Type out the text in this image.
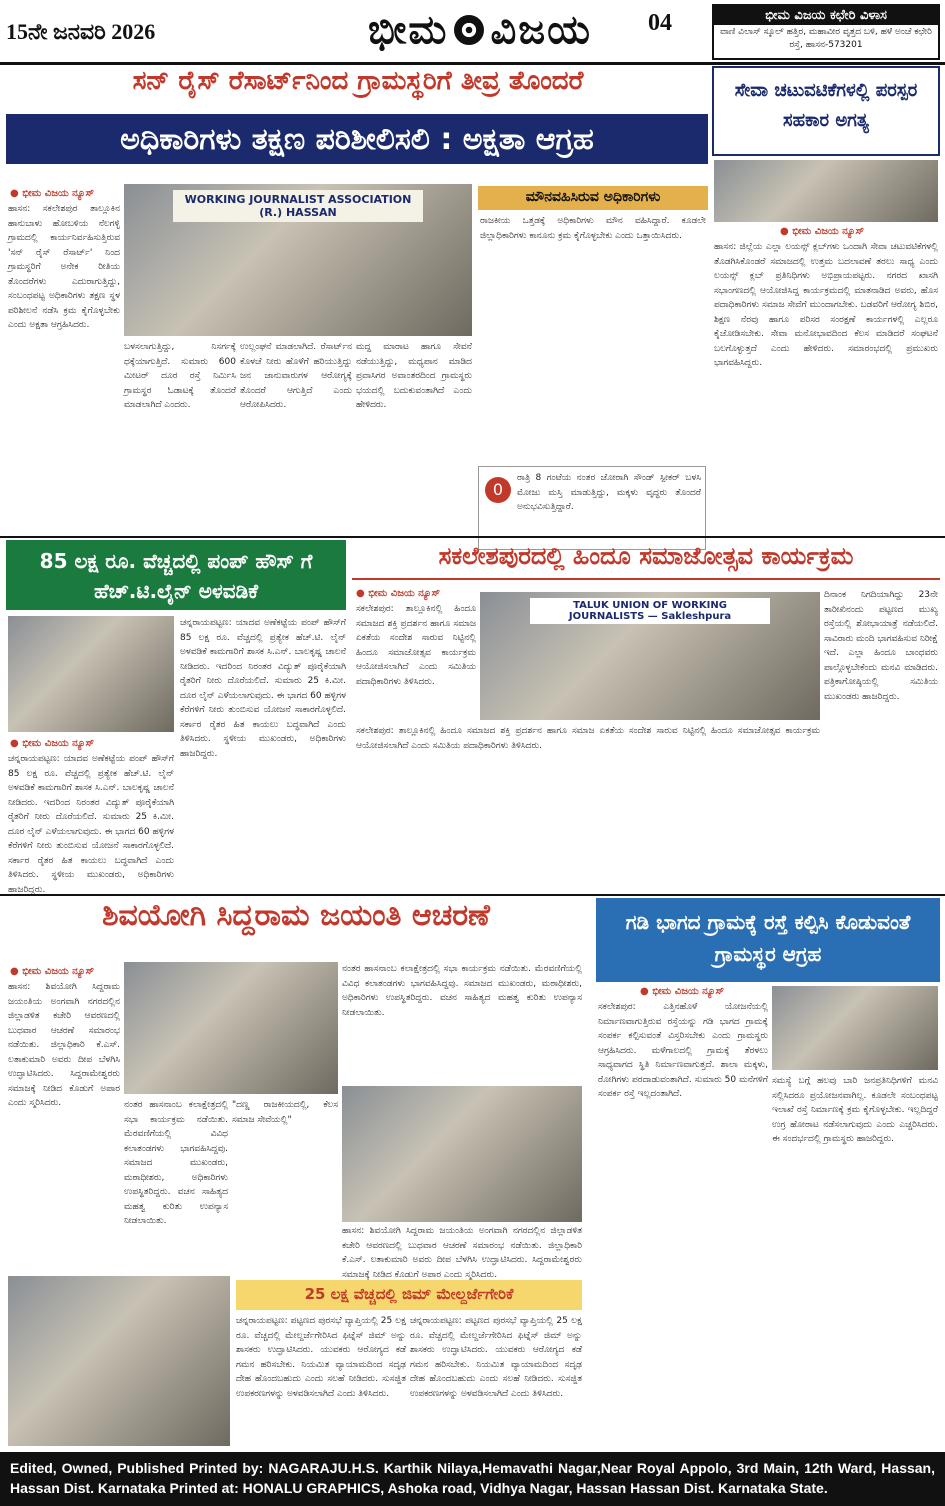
15ನೇ ಜನವರಿ 2026	ಭೀಮ ವಿಜಯ 04	ಭೀಮ ವಿಜಯ ಕಛೇರಿ ವಿಳಾಸ
ವಾಣಿ ವಿಲಾಸ್ ಸ್ಕೂಲ್ ಹತ್ತಿರ, ಮಹಾವೀರ ವೃತ್ತದ ಬಳಿ, ಹಳೆ ಅಂಚೆ ಕಛೇರಿ ರಸ್ತೆ, ಹಾಸನ-573201
ಸನ್ ರೈಸ್ ರೆಸಾರ್ಟ್‌ನಿಂದ ಗ್ರಾಮಸ್ಥರಿಗೆ ತೀವ್ರ ತೊಂದರೆ
ಅಧಿಕಾರಿಗಳು ತಕ್ಷಣ ಪರಿಶೀಲಿಸಲಿ : ಅಕ್ಷತಾ ಆಗ್ರಹ
● ಭೀಮ ವಿಜಯ ನ್ಯೂಸ್
ಹಾಸನ: ಸಕಲೇಶಪುರ ತಾಲ್ಲೂಕಿನ ಹಾನುಬಾಳು ಹೋಬಳಿಯ ನೆಲಗಳ್ಳಿ ಗ್ರಾಮದಲ್ಲಿ ಕಾರ್ಯನಿರ್ವಹಿಸುತ್ತಿರುವ 'ಸನ್ ರೈಸ್ ರೆಸಾರ್ಟ್' ನಿಂದ ಗ್ರಾಮಸ್ಥರಿಗೆ ಅನೇಕ ರೀತಿಯ ತೊಂದರೆಗಳು ಎದುರಾಗುತ್ತಿದ್ದು, ಸಂಬಂಧಪಟ್ಟ ಅಧಿಕಾರಿಗಳು ತಕ್ಷಣ ಸ್ಥಳ ಪರಿಶೀಲನೆ ನಡೆಸಿ ಕ್ರಮ ಕೈಗೊಳ್ಳಬೇಕು ಎಂದು ಅಕ್ಷತಾ ಆಗ್ರಹಿಸಿದರು.
WORKING JOURNALIST ASSOCIATION (R.) HASSAN
ಬಳಸಲಾಗುತ್ತಿದ್ದು, ನಿಸರ್ಗಕ್ಕೆ ಧಕ್ಕೆಯಾಗುತ್ತಿದೆ. ಸುಮಾರು 600 ಮೀಟರ್ ದೂರ ರಸ್ತೆ ನಿರ್ಮಿಸಿ ಗ್ರಾಮಸ್ಥರ ಓಡಾಟಕ್ಕೆ ತೊಂದರೆ ಮಾಡಲಾಗಿದೆ ಎಂದರು.
ಉಲ್ಲಂಘನೆ ಮಾಡಲಾಗಿದೆ. ರೆಸಾರ್ಟ್‌ನ ಕೊಳಚೆ ನೀರು ಹೊಳೆಗೆ ಹರಿಯುತ್ತಿದ್ದು ಜನ ಜಾನುವಾರುಗಳ ಆರೋಗ್ಯಕ್ಕೆ ತೊಂದರೆ ಆಗುತ್ತಿದೆ ಎಂದು ಆರೋಪಿಸಿದರು.
ಮದ್ದ ಮಾರಾಟ ಹಾಗೂ ಸೇವನೆ ನಡೆಯುತ್ತಿದ್ದು, ಮಧ್ಯಪಾನ ಮಾಡಿದ ಪ್ರವಾಸಿಗರ ಅವಾಂತರದಿಂದ ಗ್ರಾಮಸ್ಥರು ಭಯದಲ್ಲಿ ಬದುಕುವಂತಾಗಿದೆ ಎಂದು ಹೇಳಿದರು.
ಮೌನವಹಿಸಿರುವ ಅಧಿಕಾರಿಗಳು
ರಾಜಕೀಯ ಒತ್ತಡಕ್ಕೆ ಅಧಿಕಾರಿಗಳು ಮೌನ ವಹಿಸಿದ್ದಾರೆ. ಕೂಡಲೇ ಜಿಲ್ಲಾಧಿಕಾರಿಗಳು ಕಾನೂನು ಕ್ರಮ ಕೈಗೊಳ್ಳಬೇಕು ಎಂದು ಒತ್ತಾಯಿಸಿದರು.
0
ರಾತ್ರಿ 8 ಗಂಟೆಯ ನಂತರ ಜೋರಾಗಿ ಸೌಂಡ್ ಸ್ಪೀಕರ್ ಬಳಸಿ ಮೋಜು ಮಸ್ತಿ ಮಾಡುತ್ತಿದ್ದು, ಮಕ್ಕಳು ವೃದ್ಧರು ತೊಂದರೆ ಅನುಭವಿಸುತ್ತಿದ್ದಾರೆ.
ಸೇವಾ ಚಟುವಟಿಕೆಗಳಲ್ಲಿ ಪರಸ್ಪರ ಸಹಕಾರ ಅಗತ್ಯ
● ಭೀಮ ವಿಜಯ ನ್ಯೂಸ್
ಹಾಸನ: ಜಿಲ್ಲೆಯ ಎಲ್ಲಾ ಲಯನ್ಸ್ ಕ್ಲಬ್‌ಗಳು ಒಂದಾಗಿ ಸೇವಾ ಚಟುವಟಿಕೆಗಳಲ್ಲಿ ತೊಡಗಿಸಿಕೊಂಡರೆ ಸಮಾಜದಲ್ಲಿ ಉತ್ತಮ ಬದಲಾವಣೆ ತರಲು ಸಾಧ್ಯ ಎಂದು ಲಯನ್ಸ್ ಕ್ಲಬ್ ಪ್ರತಿನಿಧಿಗಳು ಅಭಿಪ್ರಾಯಪಟ್ಟರು. ನಗರದ ಖಾಸಗಿ ಸಭಾಂಗಣದಲ್ಲಿ ಆಯೋಜಿಸಿದ್ದ ಕಾರ್ಯಕ್ರಮದಲ್ಲಿ ಮಾತನಾಡಿದ ಅವರು, ಹೊಸ ಪದಾಧಿಕಾರಿಗಳು ಸಮಾಜ ಸೇವೆಗೆ ಮುಂದಾಗಬೇಕು. ಬಡವರಿಗೆ ಆರೋಗ್ಯ ಶಿಬಿರ, ಶಿಕ್ಷಣ ನೆರವು ಹಾಗೂ ಪರಿಸರ ಸಂರಕ್ಷಣೆ ಕಾರ್ಯಗಳಲ್ಲಿ ಎಲ್ಲರೂ ಕೈಜೋಡಿಸಬೇಕು. ಸೇವಾ ಮನೋಭಾವದಿಂದ ಕೆಲಸ ಮಾಡಿದರೆ ಸಂಘಟನೆ ಬಲಗೊಳ್ಳುತ್ತದೆ ಎಂದು ಹೇಳಿದರು. ಸಮಾರಂಭದಲ್ಲಿ ಪ್ರಮುಖರು ಭಾಗವಹಿಸಿದ್ದರು.
85 ಲಕ್ಷ ರೂ. ವೆಚ್ಚದಲ್ಲಿ ಪಂಪ್ ಹೌಸ್ ಗೆ ಹೆಚ್.ಟಿ.ಲೈನ್ ಅಳವಡಿಕೆ
● ಭೀಮ ವಿಜಯ ನ್ಯೂಸ್
ಚನ್ನರಾಯಪಟ್ಟಣ: ಯಾದವ ಅಣೆಕಟ್ಟೆಯ ಪಂಪ್ ಹೌಸ್‌ಗೆ 85 ಲಕ್ಷ ರೂ. ವೆಚ್ಚದಲ್ಲಿ ಪ್ರತ್ಯೇಕ ಹೆಚ್.ಟಿ. ಲೈನ್ ಅಳವಡಿಕೆ ಕಾಮಗಾರಿಗೆ ಶಾಸಕ ಸಿ.ಎನ್. ಬಾಲಕೃಷ್ಣ ಚಾಲನೆ ನೀಡಿದರು. ಇದರಿಂದ ನಿರಂತರ ವಿದ್ಯುತ್ ಪೂರೈಕೆಯಾಗಿ ರೈತರಿಗೆ ನೀರು ದೊರೆಯಲಿದೆ. ಸುಮಾರು 25 ಕಿ.ಮೀ. ದೂರ ಲೈನ್ ಎಳೆಯಲಾಗುವುದು. ಈ ಭಾಗದ 60 ಹಳ್ಳಿಗಳ ಕೆರೆಗಳಿಗೆ ನೀರು ತುಂಬಿಸುವ ಯೋಜನೆ ಸಾಕಾರಗೊಳ್ಳಲಿದೆ. ಸರ್ಕಾರ ರೈತರ ಹಿತ ಕಾಯಲು ಬದ್ಧವಾಗಿದೆ ಎಂದು ತಿಳಿಸಿದರು. ಸ್ಥಳೀಯ ಮುಖಂಡರು, ಅಧಿಕಾರಿಗಳು ಹಾಜರಿದ್ದರು.
ಚನ್ನರಾಯಪಟ್ಟಣ: ಯಾದವ ಅಣೆಕಟ್ಟೆಯ ಪಂಪ್ ಹೌಸ್‌ಗೆ 85 ಲಕ್ಷ ರೂ. ವೆಚ್ಚದಲ್ಲಿ ಪ್ರತ್ಯೇಕ ಹೆಚ್.ಟಿ. ಲೈನ್ ಅಳವಡಿಕೆ ಕಾಮಗಾರಿಗೆ ಶಾಸಕ ಸಿ.ಎನ್. ಬಾಲಕೃಷ್ಣ ಚಾಲನೆ ನೀಡಿದರು. ಇದರಿಂದ ನಿರಂತರ ವಿದ್ಯುತ್ ಪೂರೈಕೆಯಾಗಿ ರೈತರಿಗೆ ನೀರು ದೊರೆಯಲಿದೆ. ಸುಮಾರು 25 ಕಿ.ಮೀ. ದೂರ ಲೈನ್ ಎಳೆಯಲಾಗುವುದು. ಈ ಭಾಗದ 60 ಹಳ್ಳಿಗಳ ಕೆರೆಗಳಿಗೆ ನೀರು ತುಂಬಿಸುವ ಯೋಜನೆ ಸಾಕಾರಗೊಳ್ಳಲಿದೆ. ಸರ್ಕಾರ ರೈತರ ಹಿತ ಕಾಯಲು ಬದ್ಧವಾಗಿದೆ ಎಂದು ತಿಳಿಸಿದರು. ಸ್ಥಳೀಯ ಮುಖಂಡರು, ಅಧಿಕಾರಿಗಳು ಹಾಜರಿದ್ದರು.
ಸಕಲೇಶಪುರದಲ್ಲಿ ಹಿಂದೂ ಸಮಾಜೋತ್ಸವ ಕಾರ್ಯಕ್ರಮ
● ಭೀಮ ವಿಜಯ ನ್ಯೂಸ್
ಸಕಲೇಶಪುರ: ತಾಲ್ಲೂಕಿನಲ್ಲಿ ಹಿಂದೂ ಸಮಾಜದ ಶಕ್ತಿ ಪ್ರದರ್ಶನ ಹಾಗೂ ಸಮಾಜ ಏಕತೆಯ ಸಂದೇಶ ಸಾರುವ ನಿಟ್ಟಿನಲ್ಲಿ ಹಿಂದೂ ಸಮಾಜೋತ್ಸವ ಕಾರ್ಯಕ್ರಮ ಆಯೋಜಿಸಲಾಗಿದೆ ಎಂದು ಸಮಿತಿಯ ಪದಾಧಿಕಾರಿಗಳು ತಿಳಿಸಿದರು.
TALUK UNION OF WORKING JOURNALISTS — Sakleshpura
ದಿನಾಂಕ ನಿಗದಿಯಾಗಿದ್ದು 23ನೇ ತಾರೀಖಿನಂದು ಪಟ್ಟಣದ ಮುಖ್ಯ ರಸ್ತೆಯಲ್ಲಿ ಶೋಭಾಯಾತ್ರೆ ನಡೆಯಲಿದೆ. ಸಾವಿರಾರು ಮಂದಿ ಭಾಗವಹಿಸುವ ನಿರೀಕ್ಷೆ ಇದೆ. ಎಲ್ಲಾ ಹಿಂದೂ ಬಾಂಧವರು ಪಾಲ್ಗೊಳ್ಳಬೇಕೆಂದು ಮನವಿ ಮಾಡಿದರು. ಪತ್ರಿಕಾಗೋಷ್ಠಿಯಲ್ಲಿ ಸಮಿತಿಯ ಮುಖಂಡರು ಹಾಜರಿದ್ದರು.
ಸಕಲೇಶಪುರ: ತಾಲ್ಲೂಕಿನಲ್ಲಿ ಹಿಂದೂ ಸಮಾಜದ ಶಕ್ತಿ ಪ್ರದರ್ಶನ ಹಾಗೂ ಸಮಾಜ ಏಕತೆಯ ಸಂದೇಶ ಸಾರುವ ನಿಟ್ಟಿನಲ್ಲಿ ಹಿಂದೂ ಸಮಾಜೋತ್ಸವ ಕಾರ್ಯಕ್ರಮ ಆಯೋಜಿಸಲಾಗಿದೆ ಎಂದು ಸಮಿತಿಯ ಪದಾಧಿಕಾರಿಗಳು ತಿಳಿಸಿದರು.
ಶಿವಯೋಗಿ ಸಿದ್ದರಾಮ ಜಯಂತಿ ಆಚರಣೆ
● ಭೀಮ ವಿಜಯ ನ್ಯೂಸ್
ಹಾಸನ: ಶಿವಯೋಗಿ ಸಿದ್ದರಾಮ ಜಯಂತಿಯ ಅಂಗವಾಗಿ ನಗರದಲ್ಲಿನ ಜಿಲ್ಲಾಡಳಿತ ಕಚೇರಿ ಆವರಣದಲ್ಲಿ ಬುಧವಾರ ಆಚರಣೆ ಸಮಾರಂಭ ನಡೆಯಿತು. ಜಿಲ್ಲಾಧಿಕಾರಿ ಕೆ.ಎಸ್. ಲತಾಕುಮಾರಿ ಅವರು ದೀಪ ಬೆಳಗಿಸಿ ಉದ್ಘಾಟಿಸಿದರು. ಸಿದ್ದರಾಮೇಶ್ವರರು ಸಮಾಜಕ್ಕೆ ನೀಡಿದ ಕೊಡುಗೆ ಅಪಾರ ಎಂದು ಸ್ಮರಿಸಿದರು.	ನಂತರ ಹಾಸನಾಂಬ ಕಲಾಕ್ಷೇತ್ರದಲ್ಲಿ ಸಭಾ ಕಾರ್ಯಕ್ರಮ ನಡೆಯಿತು. ಮೆರವಣಿಗೆಯಲ್ಲಿ ವಿವಿಧ ಕಲಾತಂಡಗಳು ಭಾಗವಹಿಸಿದ್ದವು. ಸಮಾಜದ ಮುಖಂಡರು, ಮಠಾಧೀಶರು, ಅಧಿಕಾರಿಗಳು ಉಪಸ್ಥಿತರಿದ್ದರು. ವಚನ ಸಾಹಿತ್ಯದ ಮಹತ್ವ ಕುರಿತು ಉಪನ್ಯಾಸ ನೀಡಲಾಯಿತು.
"ದಣ್ಣ ರಾಜಕೀಯದಲ್ಲಿ, ಕೆಲಸ ಸಮಾಜ ಸೇವೆಯಲ್ಲಿ"
ನಂತರ ಹಾಸನಾಂಬ ಕಲಾಕ್ಷೇತ್ರದಲ್ಲಿ ಸಭಾ ಕಾರ್ಯಕ್ರಮ ನಡೆಯಿತು. ಮೆರವಣಿಗೆಯಲ್ಲಿ ವಿವಿಧ ಕಲಾತಂಡಗಳು ಭಾಗವಹಿಸಿದ್ದವು. ಸಮಾಜದ ಮುಖಂಡರು, ಮಠಾಧೀಶರು, ಅಧಿಕಾರಿಗಳು ಉಪಸ್ಥಿತರಿದ್ದರು. ವಚನ ಸಾಹಿತ್ಯದ ಮಹತ್ವ ಕುರಿತು ಉಪನ್ಯಾಸ ನೀಡಲಾಯಿತು.
ಹಾಸನ: ಶಿವಯೋಗಿ ಸಿದ್ದರಾಮ ಜಯಂತಿಯ ಅಂಗವಾಗಿ ನಗರದಲ್ಲಿನ ಜಿಲ್ಲಾಡಳಿತ ಕಚೇರಿ ಆವರಣದಲ್ಲಿ ಬುಧವಾರ ಆಚರಣೆ ಸಮಾರಂಭ ನಡೆಯಿತು. ಜಿಲ್ಲಾಧಿಕಾರಿ ಕೆ.ಎಸ್. ಲತಾಕುಮಾರಿ ಅವರು ದೀಪ ಬೆಳಗಿಸಿ ಉದ್ಘಾಟಿಸಿದರು. ಸಿದ್ದರಾಮೇಶ್ವರರು ಸಮಾಜಕ್ಕೆ ನೀಡಿದ ಕೊಡುಗೆ ಅಪಾರ ಎಂದು ಸ್ಮರಿಸಿದರು.
ಗಡಿ ಭಾಗದ ಗ್ರಾಮಕ್ಕೆ ರಸ್ತೆ ಕಲ್ಪಿಸಿ ಕೊಡುವಂತೆ ಗ್ರಾಮಸ್ಥರ ಆಗ್ರಹ
● ಭೀಮ ವಿಜಯ ನ್ಯೂಸ್
ಸಕಲೇಶಪುರ: ಎತ್ತಿನಹೊಳೆ ಯೋಜನೆಯಲ್ಲಿ ನಿರ್ಮಾಣವಾಗುತ್ತಿರುವ ರಸ್ತೆಯನ್ನು ಗಡಿ ಭಾಗದ ಗ್ರಾಮಕ್ಕೆ ಸಂಪರ್ಕ ಕಲ್ಪಿಸುವಂತೆ ವಿಸ್ತರಿಸಬೇಕು ಎಂದು ಗ್ರಾಮಸ್ಥರು ಆಗ್ರಹಿಸಿದರು. ಮಳೆಗಾಲದಲ್ಲಿ ಗ್ರಾಮಕ್ಕೆ ತೆರಳಲು ಸಾಧ್ಯವಾಗದ ಸ್ಥಿತಿ ನಿರ್ಮಾಣವಾಗುತ್ತದೆ. ಶಾಲಾ ಮಕ್ಕಳು, ರೋಗಿಗಳು ಪರದಾಡುವಂತಾಗಿದೆ. ಸುಮಾರು 50 ಮನೆಗಳಿಗೆ ಸಂಪರ್ಕ ರಸ್ತೆ ಇಲ್ಲದಂತಾಗಿದೆ.
ಸಮಸ್ಯೆ ಬಗ್ಗೆ ಹಲವು ಬಾರಿ ಜನಪ್ರತಿನಿಧಿಗಳಿಗೆ ಮನವಿ ಸಲ್ಲಿಸಿದರೂ ಪ್ರಯೋಜನವಾಗಿಲ್ಲ. ಕೂಡಲೇ ಸಂಬಂಧಪಟ್ಟ ಇಲಾಖೆ ರಸ್ತೆ ನಿರ್ಮಾಣಕ್ಕೆ ಕ್ರಮ ಕೈಗೊಳ್ಳಬೇಕು. ಇಲ್ಲದಿದ್ದರೆ ಉಗ್ರ ಹೋರಾಟ ನಡೆಸಲಾಗುವುದು ಎಂದು ಎಚ್ಚರಿಸಿದರು. ಈ ಸಂದರ್ಭದಲ್ಲಿ ಗ್ರಾಮಸ್ಥರು ಹಾಜರಿದ್ದರು.
25 ಲಕ್ಷ ವೆಚ್ಚದಲ್ಲಿ ಜಿಮ್ ಮೇಲ್ದರ್ಜೆಗೇರಿಕೆ
ಚನ್ನರಾಯಪಟ್ಟಣ: ಪಟ್ಟಣದ ಪುರಸಭೆ ವ್ಯಾಪ್ತಿಯಲ್ಲಿ 25 ಲಕ್ಷ ರೂ. ವೆಚ್ಚದಲ್ಲಿ ಮೇಲ್ದರ್ಜೆಗೇರಿಸಿದ ಫಿಟ್ನೆಸ್ ಜಿಮ್ ಅನ್ನು ಶಾಸಕರು ಉದ್ಘಾಟಿಸಿದರು. ಯುವಕರು ಆರೋಗ್ಯದ ಕಡೆ ಗಮನ ಹರಿಸಬೇಕು. ನಿಯಮಿತ ವ್ಯಾಯಾಮದಿಂದ ಸದೃಢ ದೇಹ ಹೊಂದಬಹುದು ಎಂದು ಸಲಹೆ ನೀಡಿದರು. ಸುಸಜ್ಜಿತ ಉಪಕರಣಗಳನ್ನು ಅಳವಡಿಸಲಾಗಿದೆ ಎಂದು ತಿಳಿಸಿದರು.
ಚನ್ನರಾಯಪಟ್ಟಣ: ಪಟ್ಟಣದ ಪುರಸಭೆ ವ್ಯಾಪ್ತಿಯಲ್ಲಿ 25 ಲಕ್ಷ ರೂ. ವೆಚ್ಚದಲ್ಲಿ ಮೇಲ್ದರ್ಜೆಗೇರಿಸಿದ ಫಿಟ್ನೆಸ್ ಜಿಮ್ ಅನ್ನು ಶಾಸಕರು ಉದ್ಘಾಟಿಸಿದರು. ಯುವಕರು ಆರೋಗ್ಯದ ಕಡೆ ಗಮನ ಹರಿಸಬೇಕು. ನಿಯಮಿತ ವ್ಯಾಯಾಮದಿಂದ ಸದೃಢ ದೇಹ ಹೊಂದಬಹುದು ಎಂದು ಸಲಹೆ ನೀಡಿದರು. ಸುಸಜ್ಜಿತ ಉಪಕರಣಗಳನ್ನು ಅಳವಡಿಸಲಾಗಿದೆ ಎಂದು ತಿಳಿಸಿದರು.
Edited, Owned, Published Printed by: NAGARAJU.H.S. Karthik Nilaya,Hemavathi Nagar,Near Royal Appolo, 3rd Main, 12th Ward, Hassan, Hassan Dist. Karnataka Printed at: HONALU GRAPHICS, Ashoka road, Vidhya Nagar, Hassan Hassan Dist. Karnataka State.
